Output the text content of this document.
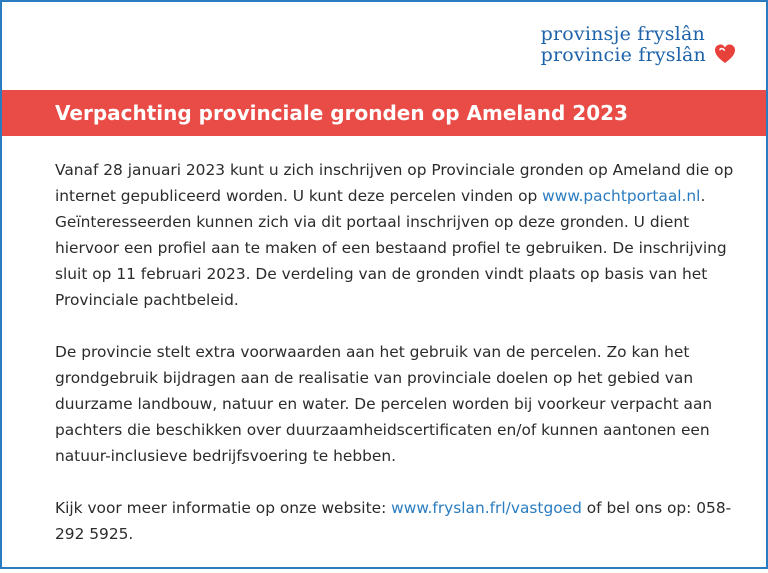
provinsje fryslân
provincie fryslân
Verpachting provinciale gronden op Ameland 2023

Vanaf 28 januari 2023 kunt u zich inschrijven op Provinciale gronden op Ameland die op internet gepubliceerd worden. U kunt deze percelen vinden op www.pachtportaal.nl. Geïnteresseerden kunnen zich via dit portaal inschrijven op deze gronden. U dient hiervoor een profiel aan te maken of een bestaand profiel te gebruiken. De inschrijving sluit op 11 februari 2023. De verdeling van de gronden vindt plaats op basis van het Provinciale pachtbeleid.

De provincie stelt extra voorwaarden aan het gebruik van de percelen. Zo kan het grondgebruik bijdragen aan de realisatie van provinciale doelen op het gebied van duurzame landbouw, natuur en water. De percelen worden bij voorkeur verpacht aan pachters die beschikken over duurzaamheidscertificaten en/of kunnen aantonen een natuur-inclusieve bedrijfsvoering te hebben.

Kijk voor meer informatie op onze website: www.fryslan.frl/vastgoed of bel ons op: 058-292 5925.
